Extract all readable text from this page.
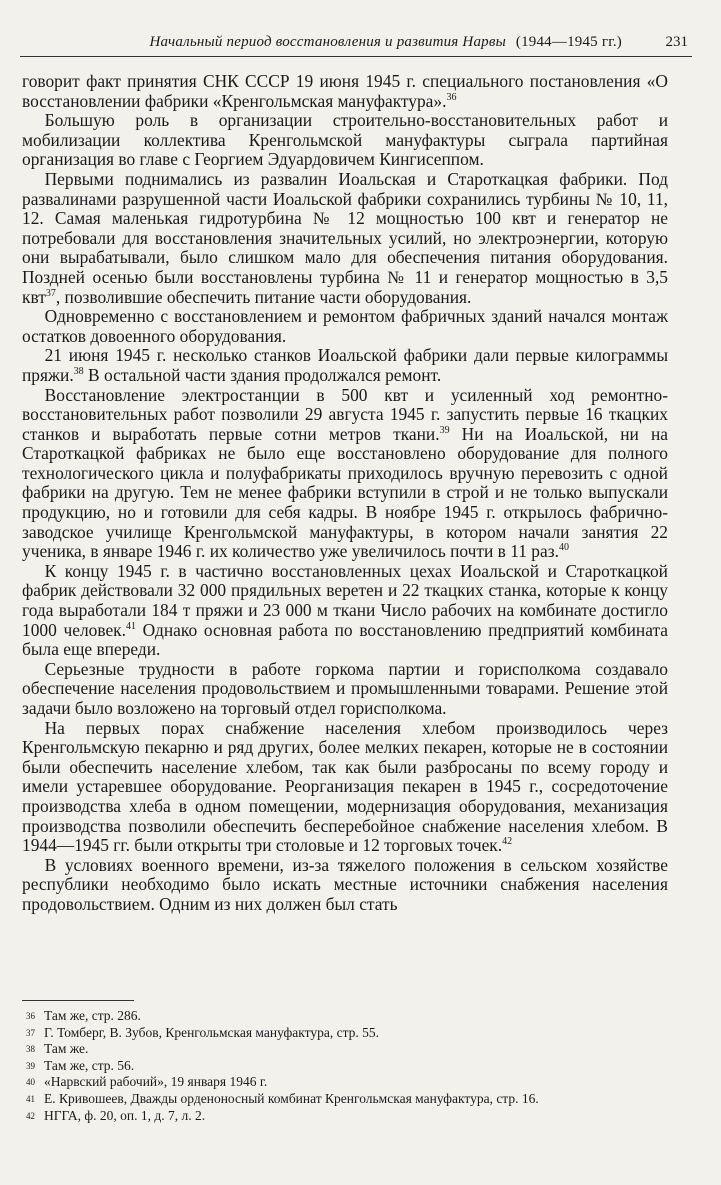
Начальный период восстановления и развития Нарвы (1944—1945 гг.)	231

говорит факт принятия СНК СССР 19 июня 1945 г. специального постановления «О восстановлении фабрики «Кренгольмская мануфактура».$^{36}$

Большую роль в организации строительно-восстановительных работ и мобилизации коллектива Кренгольмской мануфактуры сыграла партийная организация во главе с Георгием Эдуардовичем Кингисеппом.

Первыми поднимались из развалин Иоальская и Староткацкая фабрики. Под развалинами разрушенной части Иоальской фабрики сохранились турбины № 10, 11, 12. Самая маленькая гидротурбина № 12 мощностью 100 квт и генератор не потребовали для восстановления значительных усилий, но электроэнергии, которую они вырабатывали, было слишком мало для обеспечения питания оборудования. Поздней осенью были восстановлены турбина № 11 и генератор мощностью в 3,5 квт$^{37}$, позволившие обеспечить питание части оборудования.

Одновременно с восстановлением и ремонтом фабричных зданий начался монтаж остатков довоенного оборудования.

21 июня 1945 г. несколько станков Иоальской фабрики дали первые килограммы пряжи.$^{38}$ В остальной части здания продолжался ремонт.

Восстановление электростанции в 500 квт и усиленный ход ремонтно-восстановительных работ позволили 29 августа 1945 г. запустить первые 16 ткацких станков и выработать первые сотни метров ткани.$^{39}$ Ни на Иоальской, ни на Староткацкой фабриках не было еще восстановлено оборудование для полного технологического цикла и полуфабрикаты приходилось вручную перевозить с одной фабрики на другую. Тем не менее фабрики вступили в строй и не только выпускали продукцию, но и готовили для себя кадры. В ноябре 1945 г. открылось фабрично-заводское училище Кренгольмской мануфактуры, в котором начали занятия 22 ученика, в январе 1946 г. их количество уже увеличилось почти в 11 раз.$^{40}$

К концу 1945 г. в частично восстановленных цехах Иоальской и Староткацкой фабрик действовали 32 000 прядильных веретен и 22 ткацких станка, которые к концу года выработали 184 т пряжи и 23 000 м ткани Число рабочих на комбинате достигло 1000 человек.$^{41}$ Однако основная работа по восстановлению предприятий комбината была еще впереди.

Серьезные трудности в работе горкома партии и горисполкома создавало обеспечение населения продовольствием и промышленными товарами. Решение этой задачи было возложено на торговый отдел горисполкома.

На первых порах снабжение населения хлебом производилось через Кренгольмскую пекарню и ряд других, более мелких пекарен, которые не в состоянии были обеспечить население хлебом, так как были разбросаны по всему городу и имели устаревшее оборудование. Реорганизация пекарен в 1945 г., сосредоточение производства хлеба в одном помещении, модернизация оборудования, механизация производства позволили обеспечить бесперебойное снабжение населения хлебом. В 1944—1945 гг. были открыты три столовые и 12 торговых точек.$^{42}$

В условиях военного времени, из-за тяжелого положения в сельском хозяйстве республики необходимо было искать местные источники снабжения населения продовольствием. Одним из них должен был стать

36 Там же, стр. 286.
37 Г. Томберг, В. Зубов, Кренгольмская мануфактура, стр. 55.
38 Там же.
39 Там же, стр. 56.
40 «Нарвский рабочий», 19 января 1946 г.
41 Е. Кривошеев, Дважды орденоносный комбинат Кренгольмская мануфактура, стр. 16.
42 НГГА, ф. 20, оп. 1, д. 7, л. 2.
